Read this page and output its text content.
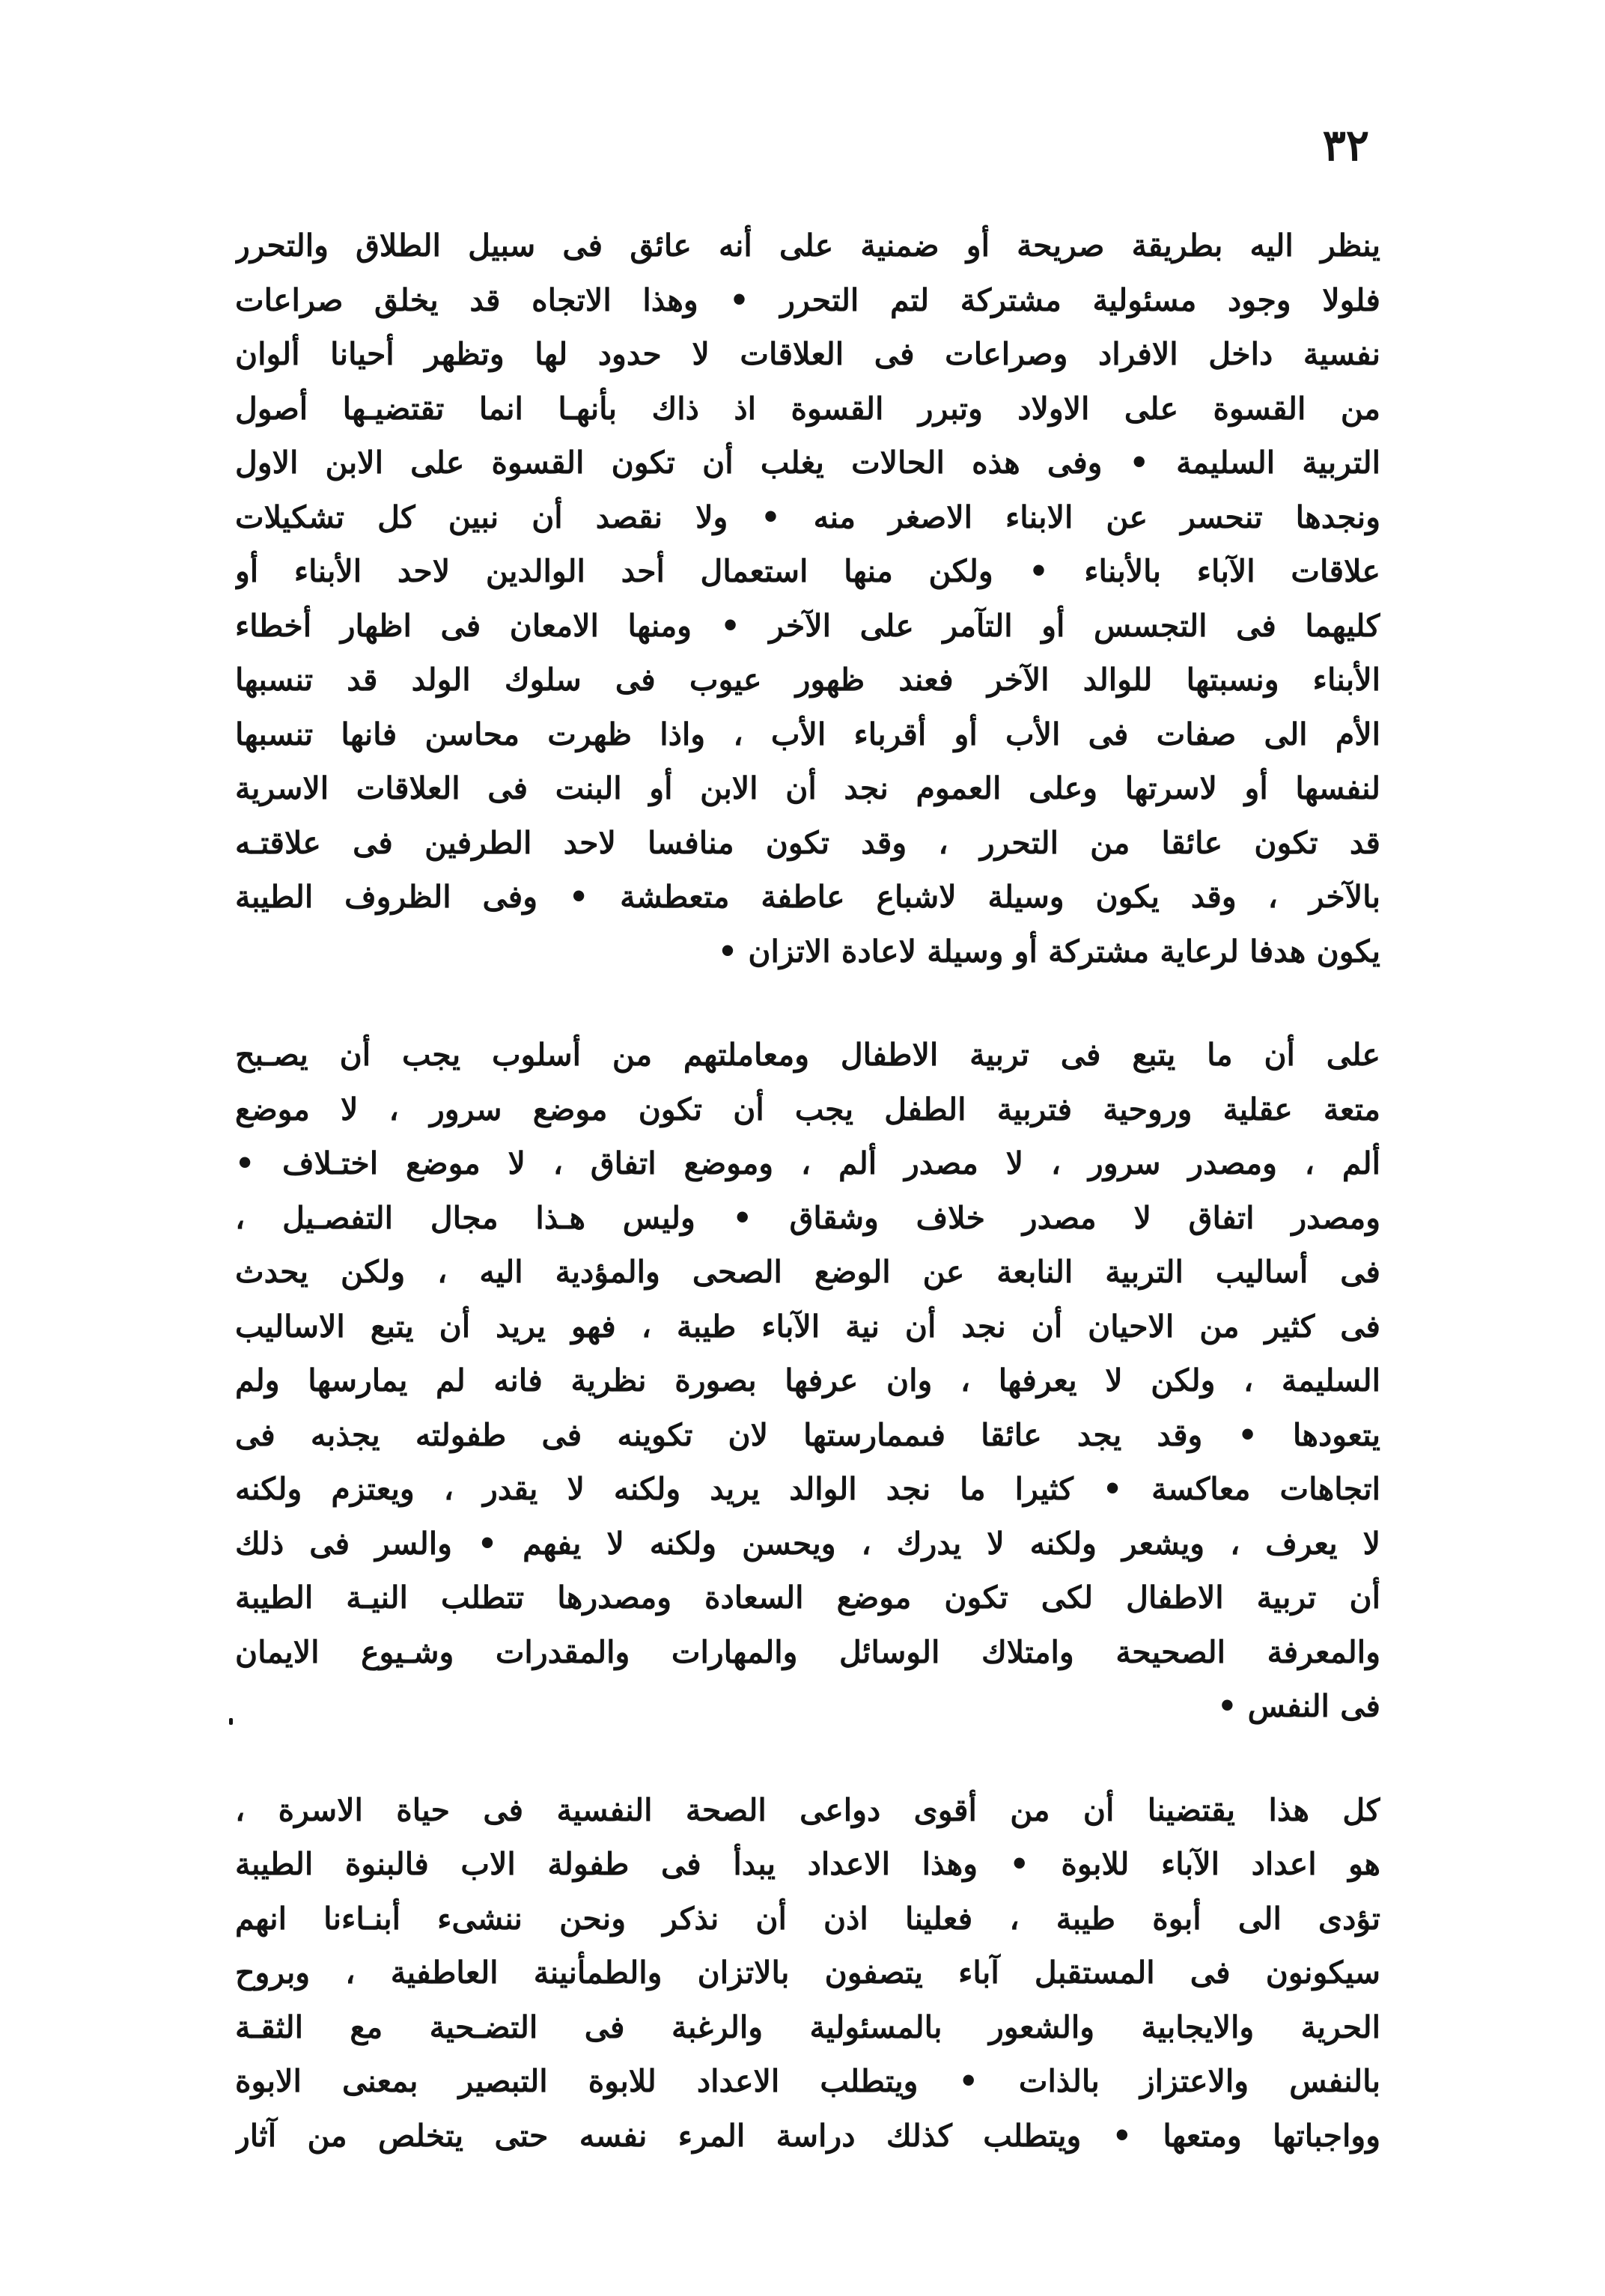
٣٢
ينظر اليه بطريقة صريحة أو ضمنية على أنه عائق فى سبيل الطلاق والتحرر
فلولا وجود مسئولية مشتركة لتم التحرر • وهذا الاتجاه قد يخلق صراعات
نفسية داخل الافراد وصراعات فى العلاقات لا حدود لها وتظهر أحيانا ألوان
من القسوة على الاولاد وتبرر القسوة اذ ذاك بأنهـا انما تقتضيـها أصول
التربية السليمة • وفى هذه الحالات يغلب أن تكون القسوة على الابن الاول
ونجدها تنحسر عن الابناء الاصغر منه • ولا نقصد أن نبين كل تشكيلات
علاقات الآباء بالأبناء • ولكن منها استعمال أحد الوالدين لاحد الأبناء أو
كليهما فى التجسس أو التآمر على الآخر • ومنها الامعان فى اظهار أخطاء
الأبناء ونسبتها للوالد الآخر فعند ظهور عيوب فى سلوك الولد قد تنسبها
الأم الى صفات فى الأب أو أقرباء الأب ، واذا ظهرت محاسن فانها تنسبها
لنفسها أو لاسرتها وعلى العموم نجد أن الابن أو البنت فى العلاقات الاسرية
قد تكون عائقا من التحرر ، وقد تكون منافسا لاحد الطرفين فى علاقتـه
بالآخر ، وقد يكون وسيلة لاشباع عاطفة متعطشة • وفى الظروف الطيبة
يكون هدفا لرعاية مشتركة أو وسيلة لاعادة الاتزان •
على أن ما يتبع فى تربية الاطفال ومعاملتهم من أسلوب يجب أن يصـبح
متعة عقلية وروحية فتربية الطفل يجب أن تكون موضع سرور ، لا موضع
ألم ، ومصدر سرور ، لا مصدر ألم ، وموضع اتفاق ، لا موضع اختـلاف •
ومصدر اتفاق لا مصدر خلاف وشقاق • وليس هـذا مجال التفصـيل ،
فى أساليب التربية النابعة عن الوضع الصحى والمؤدية اليه ، ولكن يحدث
فى كثير من الاحيان أن نجد أن نية الآباء طيبة ، فهو يريد أن يتبع الاساليب
السليمة ، ولكن لا يعرفها ، وان عرفها بصورة نظرية فانه لم يمارسها ولم
يتعودها • وقد يجد عائقا فىممارستها لان تكوينه فى طفولته يجذبه فى
اتجاهات معاكسة • كثيرا ما نجد الوالد يريد ولكنه لا يقدر ، ويعتزم ولكنه
لا يعرف ، ويشعر ولكنه لا يدرك ، ويحسن ولكنه لا يفهم • والسر فى ذلك
أن تربية الاطفال لكى تكون موضع السعادة ومصدرها تتطلب النيـة الطيبة
والمعرفة الصحيحة وامتلاك الوسائل والمهارات والمقدرات وشـيوع الايمان
فى النفس •
كل هذا يقتضينا أن من أقوى دواعى الصحة النفسية فى حياة الاسرة ،
هو اعداد الآباء للابوة • وهذا الاعداد يبدأ فى طفولة الاب فالبنوة الطيبة
تؤدى الى أبوة طيبة ، فعلينا اذن أن نذكر ونحن ننشىء أبنـاءنا انهم
سيكونون فى المستقبل آباء يتصفون بالاتزان والطمأنينة العاطفية ، وبروح
الحرية والايجابية والشعور بالمسئولية والرغبة فى التضـحية مع الثقـة
بالنفس والاعتزاز بالذات • ويتطلب الاعداد للابوة التبصير بمعنى الابوة
وواجباتها ومتعها • ويتطلب كذلك دراسة المرء نفسه حتى يتخلص من آثار
